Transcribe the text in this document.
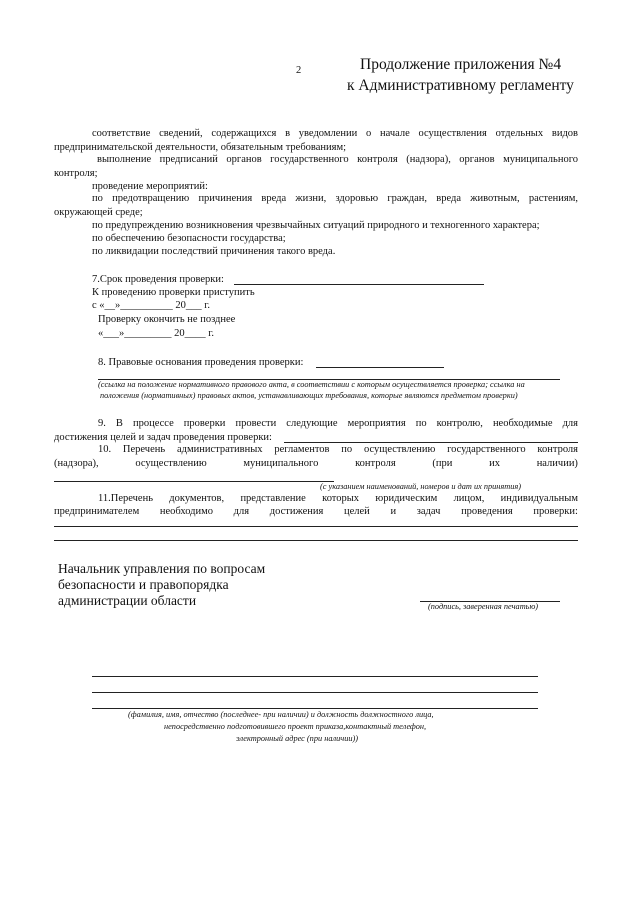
2	Продолжение приложения №4
к Административному регламенту
соответствие сведений, содержащихся в уведомлении о начале осуществления отдельных видов
предпринимательской деятельности, обязательным требованиям;
выполнение предписаний органов государственного контроля (надзора), органов муниципального
контроля;
проведение мероприятий:
по предотвращению причинения вреда жизни, здоровью граждан, вреда животным, растениям,
окружающей среде;
по предупреждению возникновения чрезвычайных ситуаций природного и техногенного характера;
по обеспечению безопасности государства;
по ликвидации последствий причинения такого вреда.
7.Срок проведения проверки:
К проведению проверки приступить
с «__»__________ 20___ г.
Проверку окончить не позднее
«___»_________ 20____ г.
8. Правовые основания проведения проверки:
(ссылка на положение нормативного правового акта, в соответствии с которым осуществляется проверка; ссылка на
положения (нормативных) правовых актов, устанавливающих требования, которые являются предметом проверки)
9. В процессе проверки провести следующие мероприятия по контролю, необходимые для
достижения целей и задач проведения проверки:
10. Перечень административных регламентов по осуществлению государственного контроля
(надзора),	осуществлению	муниципального	контроля	(при	их	наличии)
(с указанием наименований, номеров и дат их принятия)
11.Перечень документов, представление которых юридическим лицом, индивидуальным
предпринимателем необходимо для достижения целей и задач проведения проверки:
Начальник управления по вопросам
безопасности и правопорядка
администрации области	(подпись, заверенная печатью)
(фамилия, имя, отчество (последнее- при наличии) и должность должностного лица,
непосредственно подготовившего проект приказа,контактный телефон,
электронный адрес (при наличии))
